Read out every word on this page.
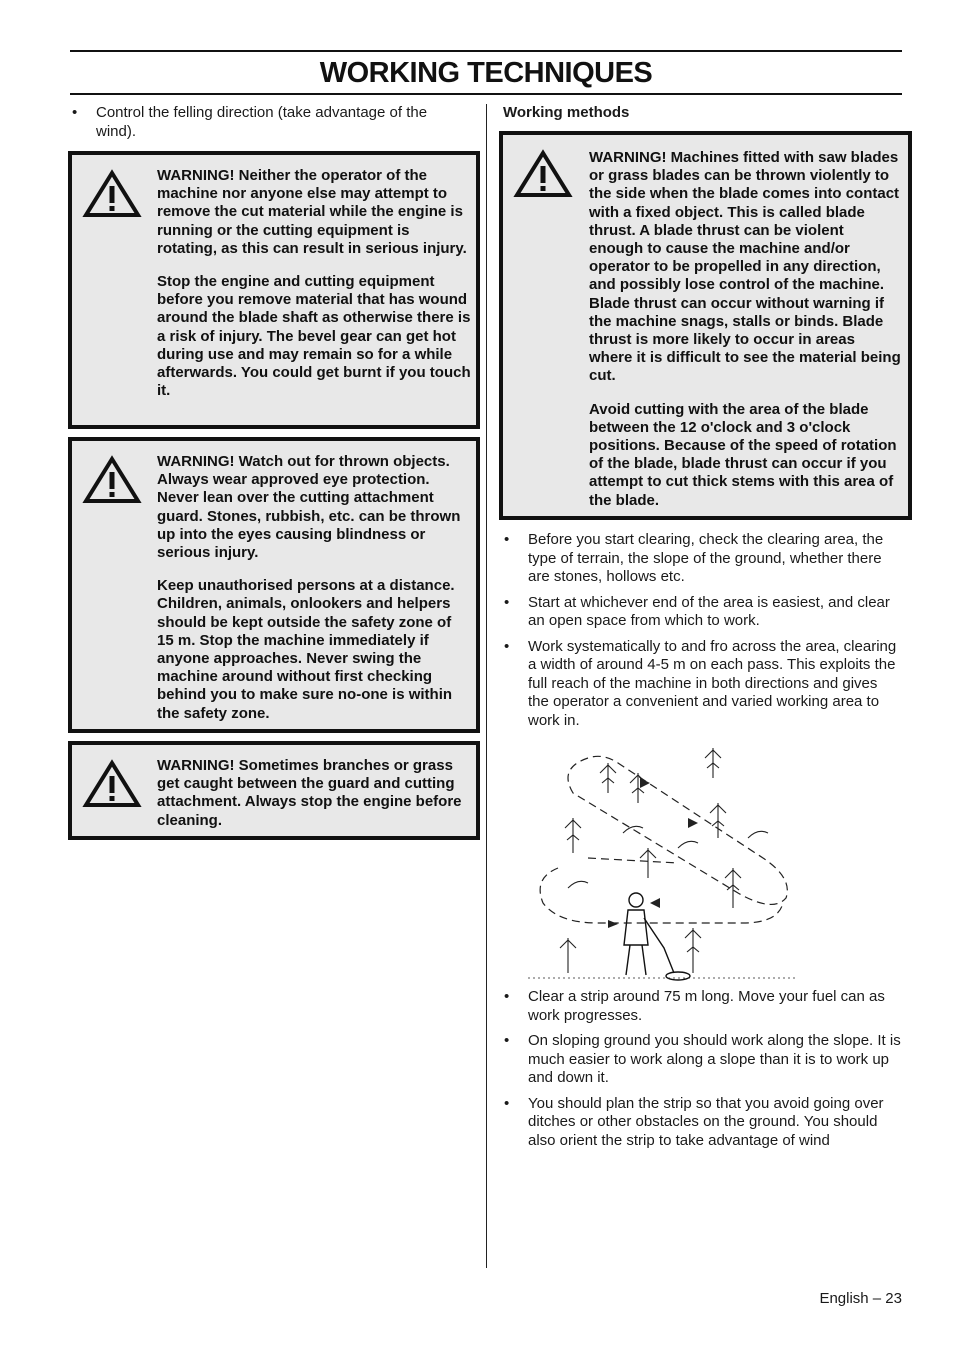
WORKING TECHNIQUES
• Control the felling direction (take advantage of the wind).

WARNING! Neither the operator of the machine nor anyone else may attempt to remove the cut material while the engine is running or the cutting equipment is rotating, as this can result in serious injury.

Stop the engine and cutting equipment before you remove material that has wound around the blade shaft as otherwise there is a risk of injury. The bevel gear can get hot during use and may remain so for a while afterwards. You could get burnt if you touch it.

WARNING! Watch out for thrown objects. Always wear approved eye protection. Never lean over the cutting attachment guard. Stones, rubbish, etc. can be thrown up into the eyes causing blindness or serious injury.

Keep unauthorised persons at a distance. Children, animals, onlookers and helpers should be kept outside the safety zone of 15 m. Stop the machine immediately if anyone approaches. Never swing the machine around without first checking behind you to make sure no-one is within the safety zone.

WARNING! Sometimes branches or grass get caught between the guard and cutting attachment. Always stop the engine before cleaning.

Working methods

WARNING! Machines fitted with saw blades or grass blades can be thrown violently to the side when the blade comes into contact with a fixed object. This is called blade thrust. A blade thrust can be violent enough to cause the machine and/or operator to be propelled in any direction, and possibly lose control of the machine. Blade thrust can occur without warning if the machine snags, stalls or binds. Blade thrust is more likely to occur in areas where it is difficult to see the material being cut.

Avoid cutting with the area of the blade between the 12 o'clock and 3 o'clock positions. Because of the speed of rotation of the blade, blade thrust can occur if you attempt to cut thick stems with this area of the blade.

• Before you start clearing, check the clearing area, the type of terrain, the slope of the ground, whether there are stones, hollows etc.
• Start at whichever end of the area is easiest, and clear an open space from which to work.
• Work systematically to and fro across the area, clearing a width of around 4-5 m on each pass. This exploits the full reach of the machine in both directions and gives the operator a convenient and varied working area to work in.
• Clear a strip around 75 m long. Move your fuel can as work progresses.
• On sloping ground you should work along the slope. It is much easier to work along a slope than it is to work up and down it.
• You should plan the strip so that you avoid going over ditches or other obstacles on the ground. You should also orient the strip to take advantage of wind
English – 23
